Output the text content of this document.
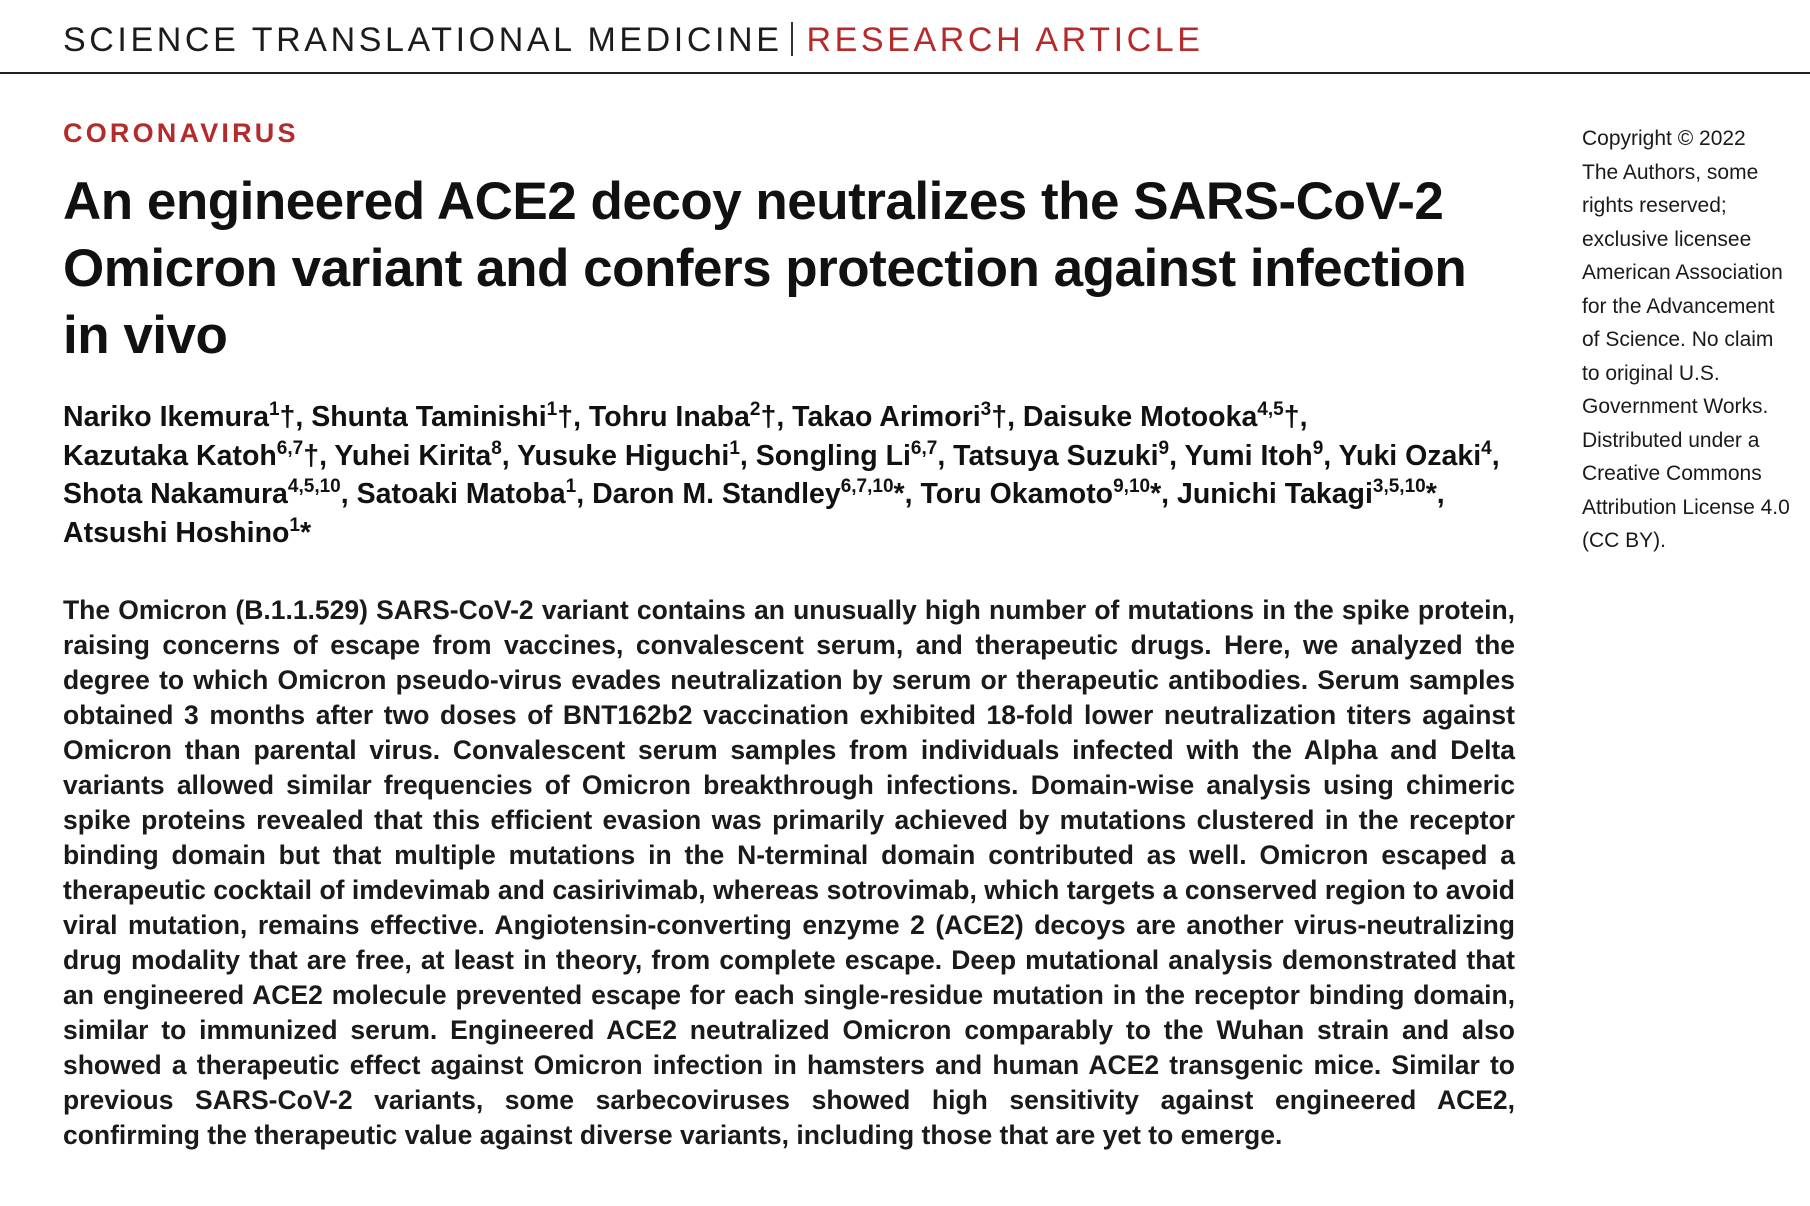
SCIENCE TRANSLATIONAL MEDICINE RESEARCH ARTICLE
CORONAVIRUS
An engineered ACE2 decoy neutralizes the SARS-CoV-2 Omicron variant and confers protection against infection in vivo
Nariko Ikemura$^1$†, Shunta Taminishi$^1$†, Tohru Inaba$^2$†, Takao Arimori$^3$†, Daisuke Motooka$^{4,5}$†, Kazutaka Katoh$^{6,7}$†, Yuhei Kirita$^8$, Yusuke Higuchi$^1$, Songling Li$^{6,7}$, Tatsuya Suzuki$^9$, Yumi Itoh$^9$, Yuki Ozaki$^4$, Shota Nakamura$^{4,5,10}$, Satoaki Matoba$^1$, Daron M. Standley$^{6,7,10}$*, Toru Okamoto$^{9,10}$*, Junichi Takagi$^{3,5,10}$*, Atsushi Hoshino$^1$*

The Omicron (B.1.1.529) SARS-CoV-2 variant contains an unusually high number of mutations in the spike protein, raising concerns of escape from vaccines, convalescent serum, and therapeutic drugs. Here, we analyzed the degree to which Omicron pseudo-virus evades neutralization by serum or therapeutic antibodies. Serum samples obtained 3 months after two doses of BNT162b2 vaccination exhibited 18-fold lower neutralization titers against Omicron than parental virus. Convalescent serum samples from individuals infected with the Alpha and Delta variants allowed similar frequencies of Omicron breakthrough infections. Domain-wise analysis using chimeric spike proteins revealed that this efficient evasion was primarily achieved by mutations clustered in the receptor binding domain but that multiple mutations in the N-terminal domain contributed as well. Omicron escaped a therapeutic cocktail of imdevimab and casirivimab, whereas sotrovimab, which targets a conserved region to avoid viral mutation, remains effective. Angiotensin-converting enzyme 2 (ACE2) decoys are another virus-neutralizing drug modality that are free, at least in theory, from complete escape. Deep mutational analysis demonstrated that an engineered ACE2 molecule prevented escape for each single-residue mutation in the receptor binding domain, similar to immunized serum. Engineered ACE2 neutralized Omicron comparably to the Wuhan strain and also showed a therapeutic effect against Omicron infection in hamsters and human ACE2 transgenic mice. Similar to previous SARS-CoV-2 variants, some sarbecoviruses showed high sensitivity against engineered ACE2, confirming the therapeutic value against diverse variants, including those that are yet to emerge.

Copyright © 2022
The Authors, some
rights reserved;
exclusive licensee
American Association
for the Advancement
of Science. No claim
to original U.S.
Government Works.
Distributed under a
Creative Commons
Attribution License 4.0
(CC BY).
